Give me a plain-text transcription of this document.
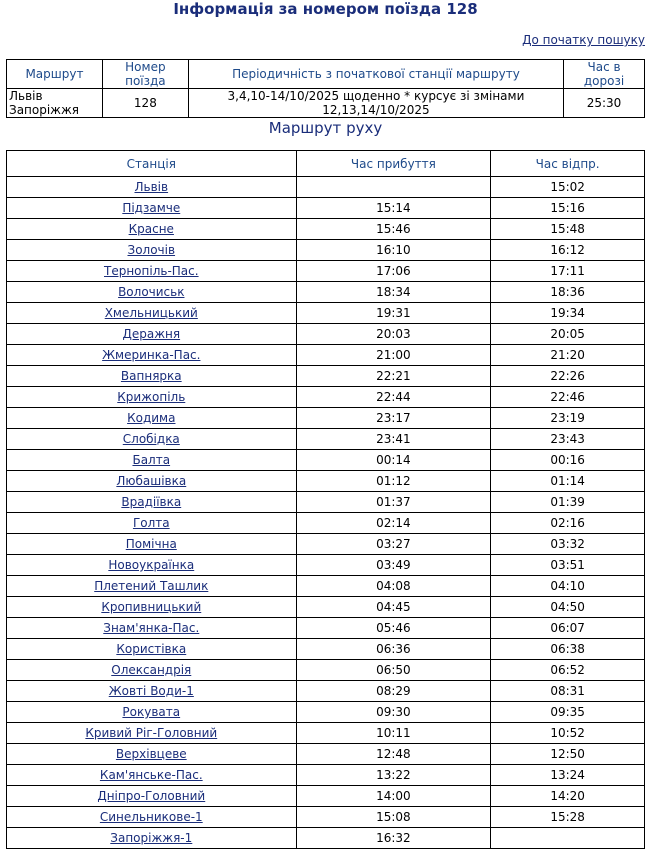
Інформація за номером поїзда 128
До початку пошуку
Маршрут	Номер поїзда	Періодичність з початкової станції маршруту	Час в дорозі
Львів Запоріжжя	128	3,4,10-14/10/2025 щоденно * курсує зі змінами 12,13,14/10/2025	25:30
Маршрут руху
Станція	Час прибуття	Час відпр.
Львів		15:02
Підзамче	15:14	15:16
Красне	15:46	15:48
Золочів	16:10	16:12
Тернопіль-Пас.	17:06	17:11
Волочиськ	18:34	18:36
Хмельницький	19:31	19:34
Деражня	20:03	20:05
Жмеринка-Пас.	21:00	21:20
Вапнярка	22:21	22:26
Крижопіль	22:44	22:46
Кодима	23:17	23:19
Слобідка	23:41	23:43
Балта	00:14	00:16
Любашівка	01:12	01:14
Врадіївка	01:37	01:39
Голта	02:14	02:16
Помічна	03:27	03:32
Новоукраїнка	03:49	03:51
Плетений Ташлик	04:08	04:10
Кропивницький	04:45	04:50
Знам'янка-Пас.	05:46	06:07
Користівка	06:36	06:38
Олександрія	06:50	06:52
Жовті Води-1	08:29	08:31
Рокувата	09:30	09:35
Кривий Ріг-Головний	10:11	10:52
Верхівцеве	12:48	12:50
Кам'янське-Пас.	13:22	13:24
Дніпро-Головний	14:00	14:20
Синельникове-1	15:08	15:28
Запоріжжя-1	16:32	
